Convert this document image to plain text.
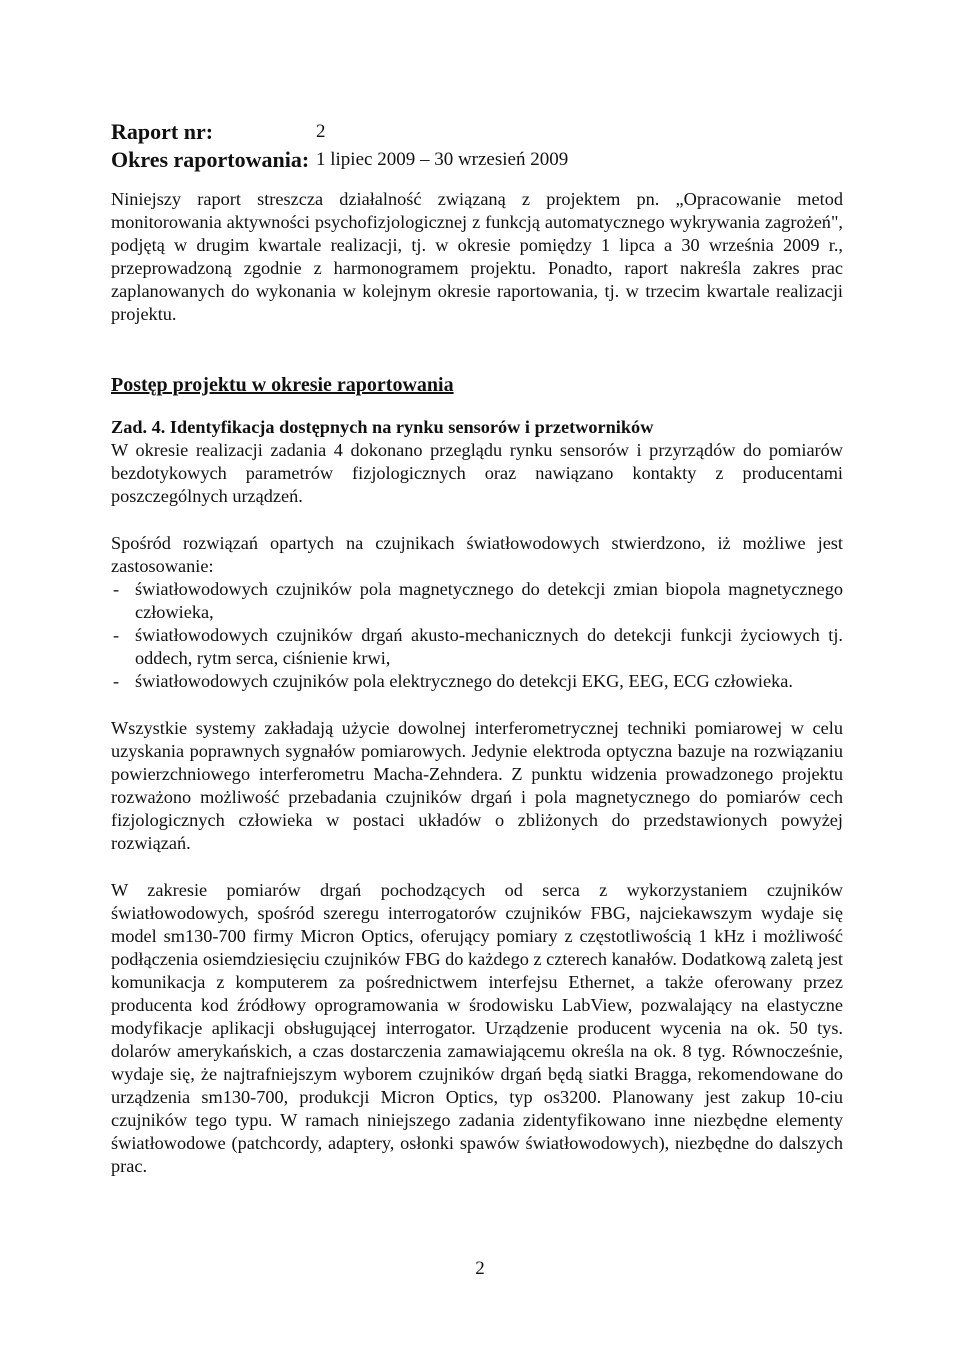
Raport nr:	2
Okres raportowania: 1 lipiec 2009 – 30 wrzesień 2009

Niniejszy raport streszcza działalność związaną z projektem pn. „Opracowanie metod monitorowania aktywności psychofizjologicznej z funkcją automatycznego wykrywania zagrożeń", podjętą w drugim kwartale realizacji, tj. w okresie pomiędzy 1 lipca a 30 września 2009 r., przeprowadzoną zgodnie z harmonogramem projektu. Ponadto, raport nakreśla zakres prac zaplanowanych do wykonania w kolejnym okresie raportowania, tj. w trzecim kwartale realizacji projektu.

Postęp projektu w okresie raportowania
Zad. 4. Identyfikacja dostępnych na rynku sensorów i przetworników

W okresie realizacji zadania 4 dokonano przeglądu rynku sensorów i przyrządów do pomiarów bezdotykowych parametrów fizjologicznych oraz nawiązano kontakty z producentami poszczególnych urządzeń.

Spośród rozwiązań opartych na czujnikach światłowodowych stwierdzono, iż możliwe jest zastosowanie:

- światłowodowych czujników pola magnetycznego do detekcji zmian biopola magnetycznego człowieka,
- światłowodowych czujników drgań akusto-mechanicznych do detekcji funkcji życiowych tj. oddech, rytm serca, ciśnienie krwi,
- światłowodowych czujników pola elektrycznego do detekcji EKG, EEG, ECG człowieka.

Wszystkie systemy zakładają użycie dowolnej interferometrycznej techniki pomiarowej w celu uzyskania poprawnych sygnałów pomiarowych. Jedynie elektroda optyczna bazuje na rozwiązaniu powierzchniowego interferometru Macha-Zehndera. Z punktu widzenia prowadzonego projektu rozważono możliwość przebadania czujników drgań i pola magnetycznego do pomiarów cech fizjologicznych człowieka w postaci układów o zbliżonych do przedstawionych powyżej rozwiązań.

W zakresie pomiarów drgań pochodzących od serca z wykorzystaniem czujników światłowodowych, spośród szeregu interrogatorów czujników FBG, najciekawszym wydaje się model sm130-700 firmy Micron Optics, oferujący pomiary z częstotliwością 1 kHz i możliwość podłączenia osiemdziesięciu czujników FBG do każdego z czterech kanałów. Dodatkową zaletą jest komunikacja z komputerem za pośrednictwem interfejsu Ethernet, a także oferowany przez producenta kod źródłowy oprogramowania w środowisku LabView, pozwalający na elastyczne modyfikacje aplikacji obsługującej interrogator. Urządzenie producent wycenia na ok. 50 tys. dolarów amerykańskich, a czas dostarczenia zamawiającemu określa na ok. 8 tyg. Równocześnie, wydaje się, że najtrafniejszym wyborem czujników drgań będą siatki Bragga, rekomendowane do urządzenia sm130-700, produkcji Micron Optics, typ os3200. Planowany jest zakup 10-ciu czujników tego typu. W ramach niniejszego zadania zidentyfikowano inne niezbędne elementy światłowodowe (patchcordy, adaptery, osłonki spawów światłowodowych), niezbędne do dalszych prac.

2
